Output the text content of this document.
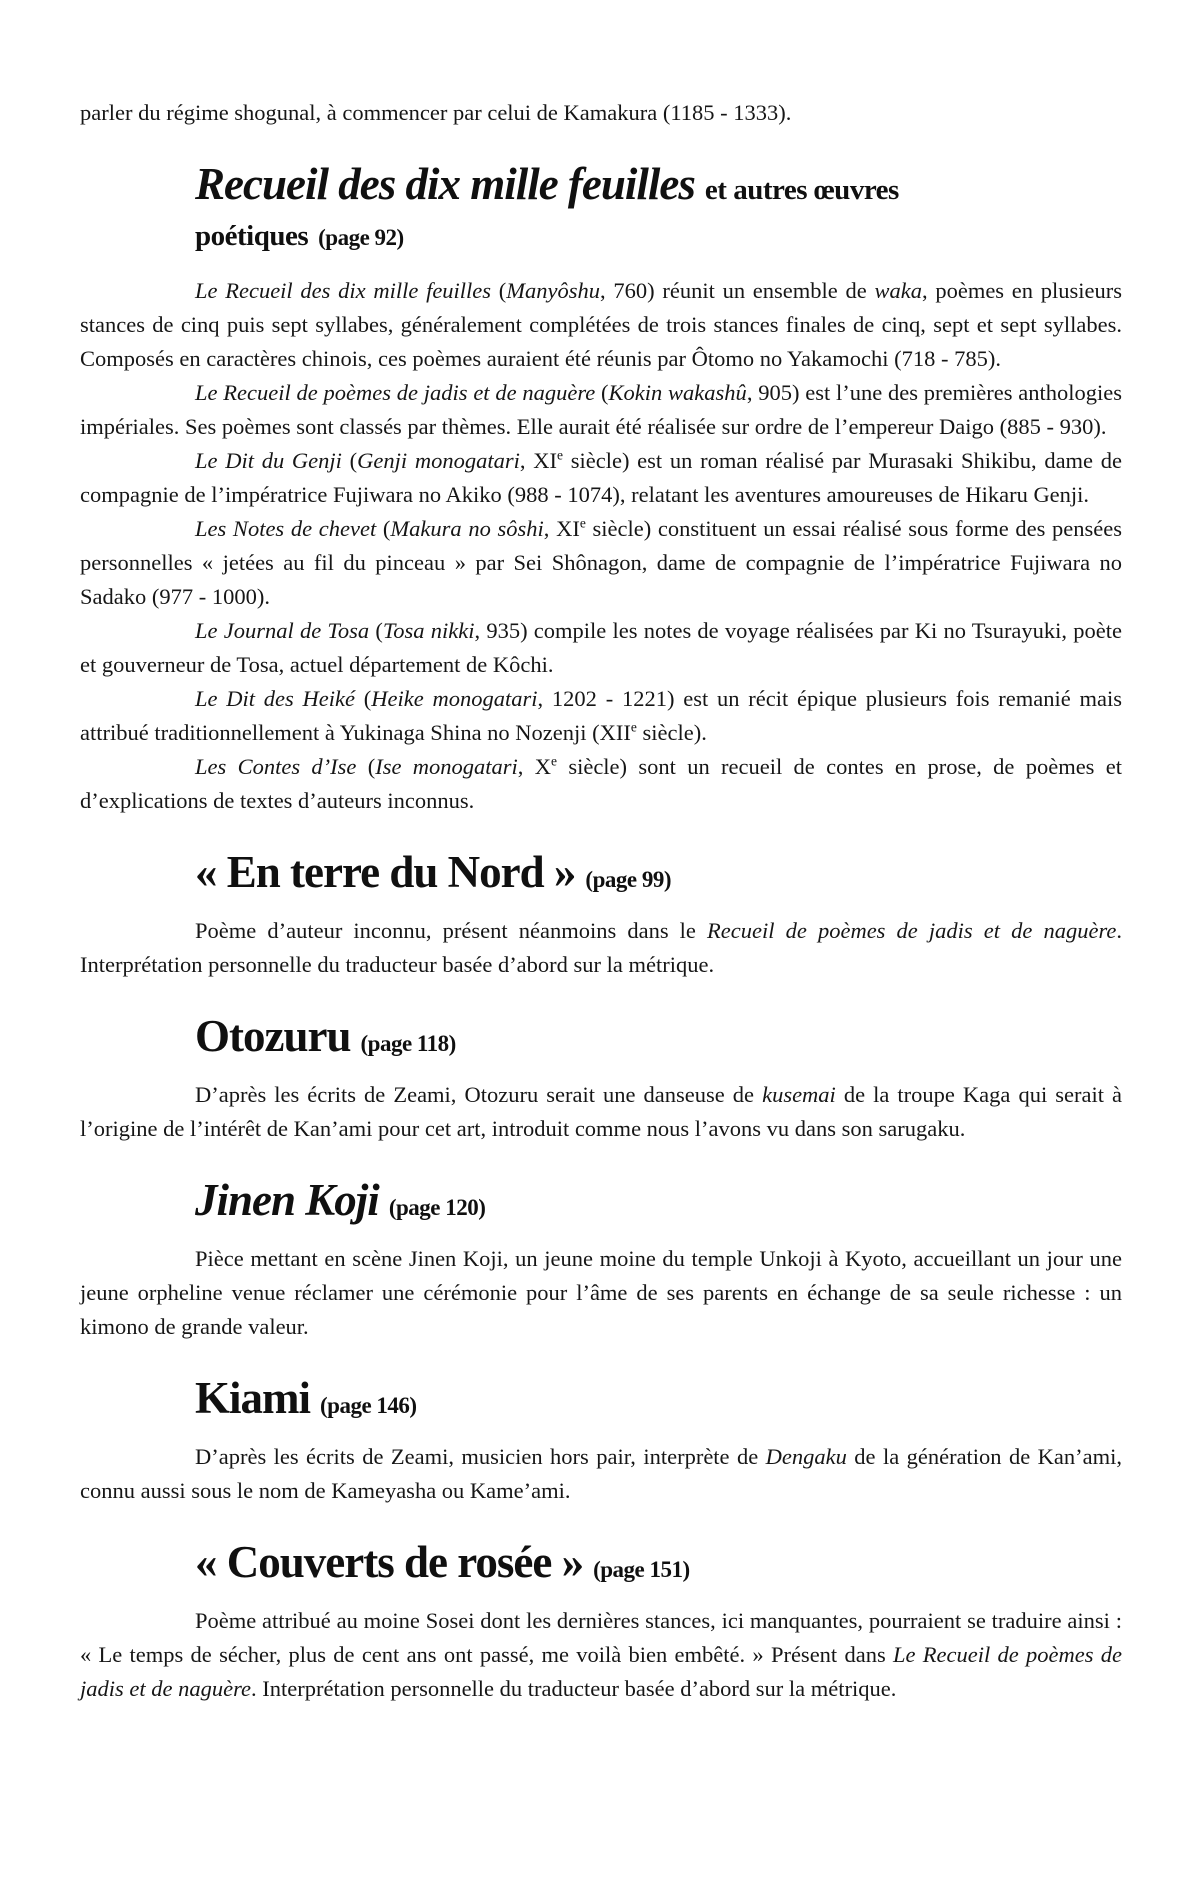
parler du régime shogunal, à commencer par celui de Kamakura (1185 - 1333).

Recueil des dix mille feuilleset autres œuvres
poétiques (page 92)

Le Recueil des dix mille feuilles (Manyôshu, 760) réunit un ensemble de waka, poèmes en plusieurs stances de cinq puis sept syllabes, généralement complétées de trois stances finales de cinq, sept et sept syllabes. Composés en caractères chinois, ces poèmes auraient été réunis par Ôtomo no Yakamochi (718 - 785).

Le Recueil de poèmes de jadis et de naguère (Kokin wakashû, 905) est l’une des premières anthologies impériales. Ses poèmes sont classés par thèmes. Elle aurait été réalisée sur ordre de l’empereur Daigo (885 - 930).

Le Dit du Genji (Genji monogatari, XIe siècle) est un roman réalisé par Murasaki Shikibu, dame de compagnie de l’impératrice Fujiwara no Akiko (988 - 1074), relatant les aventures amoureuses de Hikaru Genji.

Les Notes de chevet (Makura no sôshi, XIe siècle) constituent un essai réalisé sous forme des pensées personnelles « jetées au fil du pinceau » par Sei Shônagon, dame de compagnie de l’impératrice Fujiwara no Sadako (977 - 1000).

Le Journal de Tosa (Tosa nikki, 935) compile les notes de voyage réalisées par Ki no Tsurayuki, poète et gouverneur de Tosa, actuel département de Kôchi.

Le Dit des Heiké (Heike monogatari, 1202 - 1221) est un récit épique plusieurs fois remanié mais attribué traditionnellement à Yukinaga Shina no Nozenji (XIIe siècle).

Les Contes d’Ise (Ise monogatari, Xe siècle) sont un recueil de contes en prose, de poèmes et d’explications de textes d’auteurs inconnus.

« En terre du Nord » (page 99)

Poème d’auteur inconnu, présent néanmoins dans le Recueil de poèmes de jadis et de naguère. Interprétation personnelle du traducteur basée d’abord sur la métrique.

Otozuru (page 118)

D’après les écrits de Zeami, Otozuru serait une danseuse de kusemai de la troupe Kaga qui serait à l’origine de l’intérêt de Kan’ami pour cet art, introduit comme nous l’avons vu dans son sarugaku.

Jinen Koji (page 120)

Pièce mettant en scène Jinen Koji, un jeune moine du temple Unkoji à Kyoto, accueillant un jour une jeune orpheline venue réclamer une cérémonie pour l’âme de ses parents en échange de sa seule richesse : un kimono de grande valeur.

Kiami (page 146)

D’après les écrits de Zeami, musicien hors pair, interprète de Dengaku de la génération de Kan’ami, connu aussi sous le nom de Kameyasha ou Kame’ami.

« Couverts de rosée » (page 151)

Poème attribué au moine Sosei dont les dernières stances, ici manquantes, pourraient se traduire ainsi : « Le temps de sécher, plus de cent ans ont passé, me voilà bien embêté. » Présent dans Le Recueil de poèmes de jadis et de naguère. Interprétation personnelle du traducteur basée d’abord sur la métrique.
